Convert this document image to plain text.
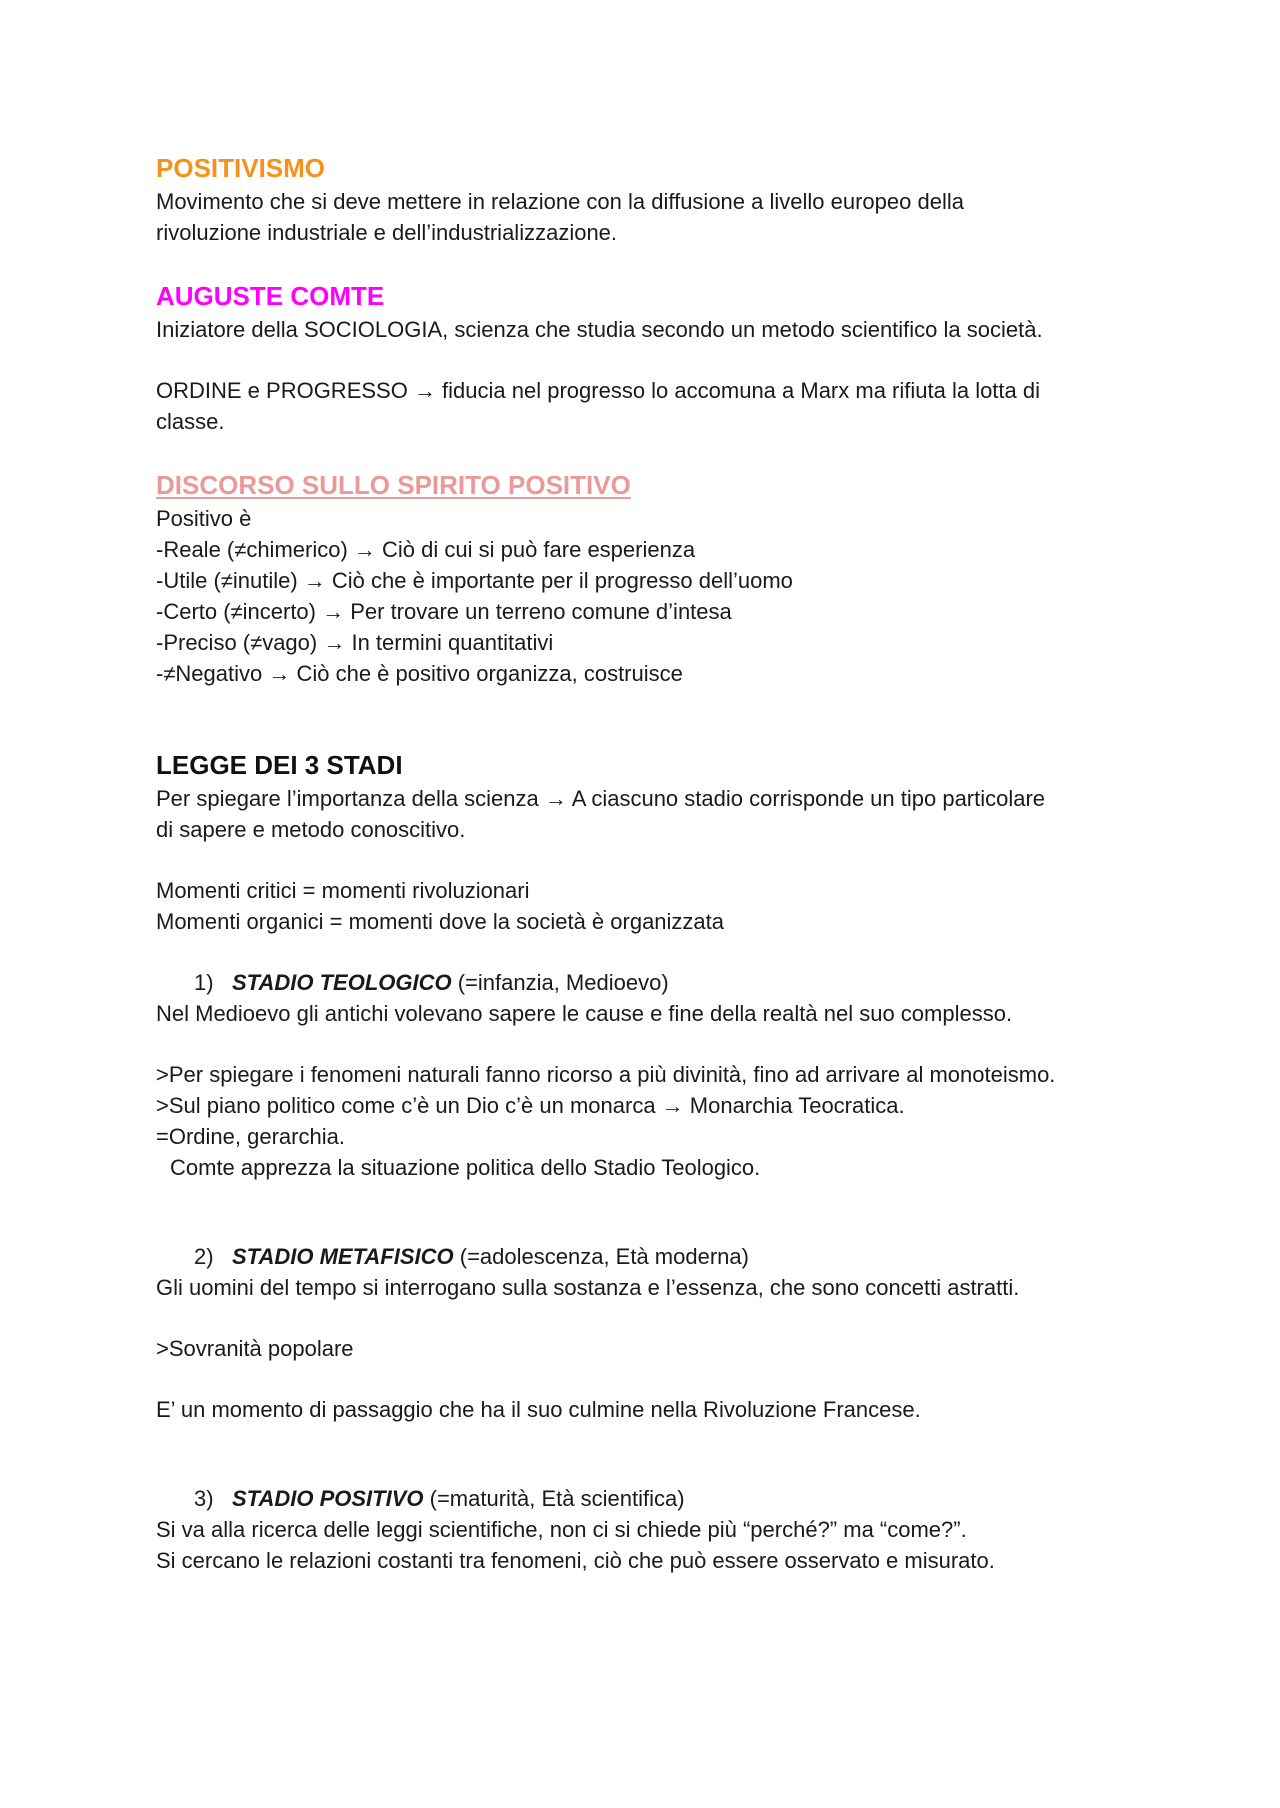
POSITIVISMO

Movimento che si deve mettere in relazione con la diffusione a livello europeo della

rivoluzione industriale e dell’industrializzazione.

AUGUSTE COMTE

Iniziatore della SOCIOLOGIA, scienza che studia secondo un metodo scientifico la società.

ORDINE e PROGRESSO → fiducia nel progresso lo accomuna a Marx ma rifiuta la lotta di

classe.

DISCORSO SULLO SPIRITO POSITIVO

Positivo è

-Reale (≠chimerico) → Ciò di cui si può fare esperienza

-Utile (≠inutile) → Ciò che è importante per il progresso dell’uomo

-Certo (≠incerto) → Per trovare un terreno comune d’intesa

-Preciso (≠vago) → In termini quantitativi

-≠Negativo → Ciò che è positivo organizza, costruisce

LEGGE DEI 3 STADI

Per spiegare l’importanza della scienza → A ciascuno stadio corrisponde un tipo particolare

di sapere e metodo conoscitivo.

Momenti critici = momenti rivoluzionari

Momenti organici = momenti dove la società è organizzata

1) STADIO TEOLOGICO (=infanzia, Medioevo)

Nel Medioevo gli antichi volevano sapere le cause e fine della realtà nel suo complesso.

>Per spiegare i fenomeni naturali fanno ricorso a più divinità, fino ad arrivare al monoteismo.

>Sul piano politico come c’è un Dio c’è un monarca → Monarchia Teocratica.

=Ordine, gerarchia.

Comte apprezza la situazione politica dello Stadio Teologico.

2) STADIO METAFISICO (=adolescenza, Età moderna)

Gli uomini del tempo si interrogano sulla sostanza e l’essenza, che sono concetti astratti.

>Sovranità popolare

E’ un momento di passaggio che ha il suo culmine nella Rivoluzione Francese.

3) STADIO POSITIVO (=maturità, Età scientifica)

Si va alla ricerca delle leggi scientifiche, non ci si chiede più “perché?” ma “come?”.

Si cercano le relazioni costanti tra fenomeni, ciò che può essere osservato e misurato.
